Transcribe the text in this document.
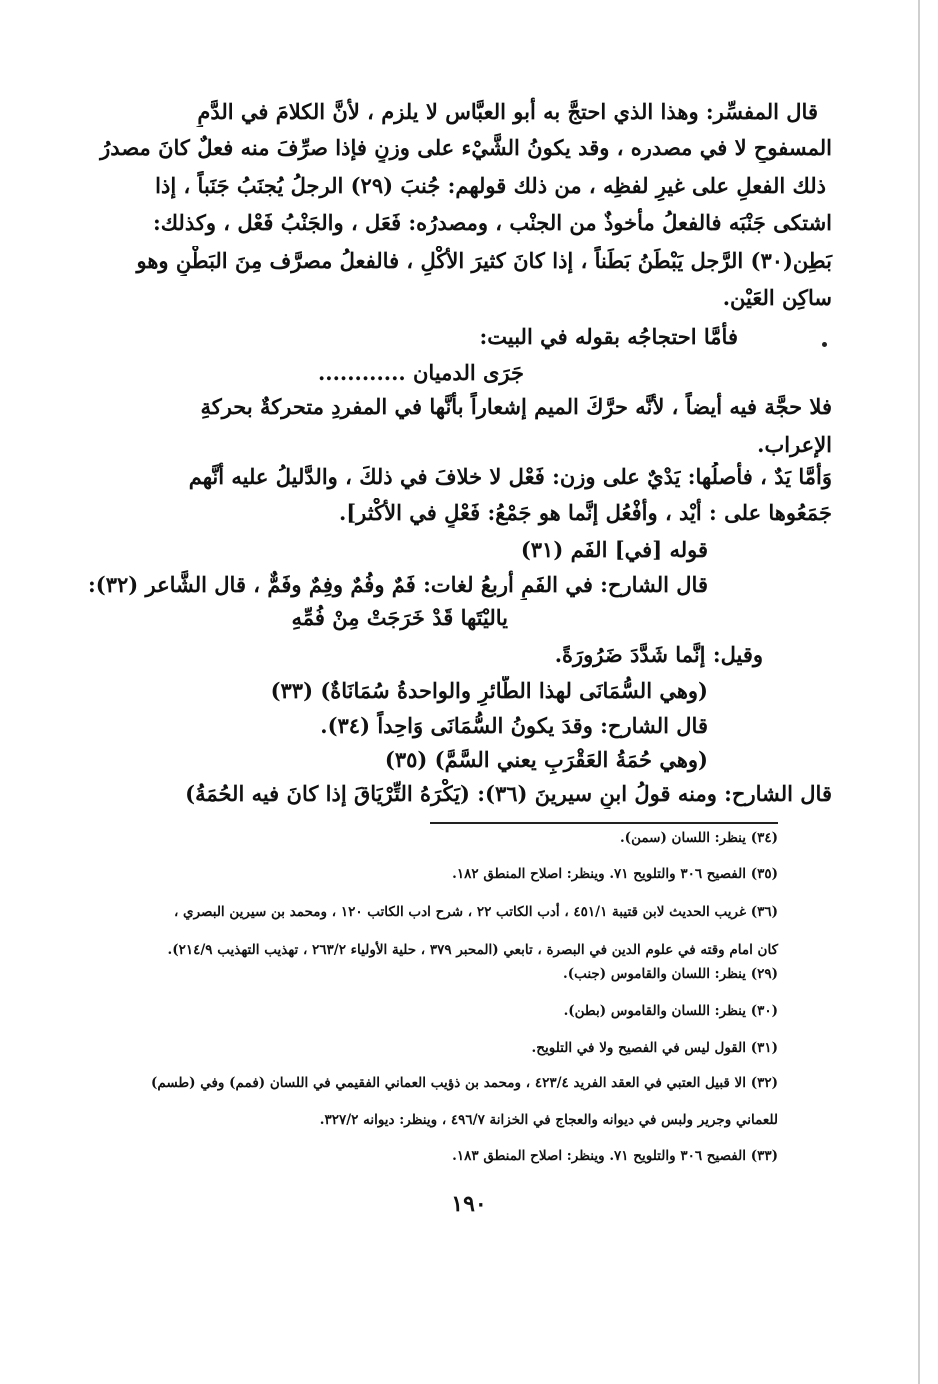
قال المفسِّر: وهذا الذي احتجَّ به أبو العبَّاس لا يلزم ، لأنَّ الكلامَ في الدَّمِ
المسفوحِ لا في مصدره ، وقد يكونُ الشَّيْء على وزنٍ فإذا صرِّفَ منه فعلٌ كانَ مصدرُ
ذلك الفعلِ على غيرِ لفظِه ، من ذلك قولهم: جُنبَ (٢٩) الرجلُ يُجنَبُ جَنَباً ، إذا
اشتكى جَنْبَه فالفعلُ مأخوذٌ من الجنْب ، ومصدرُه: فَعَل ، والجَنْبُ فَعْل ، وكذلك:
بَطِن(٣٠) الرَّجل يَبْطَنُ بَطَناً ، إذا كانَ كثيرَ الأكْلِ ، فالفعلُ مصرَّف مِنَ البَطْنِ وهو
ساكِن العَيْن.
فأمَّا احتجاجُه بقوله في البيت:
جَرَى الدميان ............
فلا حجَّة فيه أيضاً ، لأنَّه حرَّكَ الميم إشعاراً بأنَّها في المفردِ متحركةٌ بحركةِ
الإعراب.
وَأمَّا يَدٌ ، فأصلُها: يَدْيٌ على وزن: فَعْل لا خلافَ في ذلكَ ، والدَّليلُ عليه أنَّهم
جَمَعُوها على : أيْد ، وأفْعُل إنَّما هو جَمْعُ: فَعْلٍ في الأكْثر].
قوله [في] الفَم (٣١)
قال الشارح: في الفَمِ أربعُ لغات: فَمٌ وفُمٌ وفِمٌ وفَمٌّ ، قال الشَّاعر (٣٢):
ياليْتَها قَدْ خَرَجَتْ مِنْ فُمِّهِ
وقيل: إنَّما شَدَّدَ ضَرُورَةً.
(وهي السُّمَانَى لهذا الطَّائرِ والواحدةُ سُمَانَاةٌ) (٣٣)
قال الشارح: وقدَ يكونُ السُّمَانَى وَاحِداً (٣٤).
(وهي حُمَةُ العَقْرَبِ يعني السَّمَّ) (٣٥)
قال الشارح: ومنه قولُ ابنِ سيرينَ (٣٦): (يَكْرَهُ التِّرْيَاقَ إذا كانَ فيه الحُمَةُ)
(٣٤) ينظر: اللسان (سمن).
(٣٥) الفصيح ٣٠٦ والتلويح ٧١. وينظر: اصلاح المنطق ١٨٢.
(٣٦) غريب الحديث لابن قتيبة ٤٥١/١ ، أدب الكاتب ٢٢ ، شرح ادب الكاتب ١٢٠ ، ومحمد بن سيرين البصري ،
كان امام وقته في علوم الدين في البصرة ، تابعي (المحبر ٣٧٩ ، حلية الأولياء ٢٦٣/٢ ، تهذيب التهذيب ٢١٤/٩).
(٢٩) ينظر: اللسان والقاموس (جنب).
(٣٠) ينظر: اللسان والقاموس (بطن).
(٣١) القول ليس في الفصيح ولا في التلويح.
(٣٢) الا قبيل العتبي في العقد الفريد ٤٢٣/٤ ، ومحمد بن ذؤيب العماني الفقيمي في اللسان (فمم) وفي (طسم)
للعماني وجرير ولبس في ديوانه والعجاج في الخزانة ٤٩٦/٧ ، وينظر: ديوانه ٣٢٧/٢.
(٣٣) الفصيح ٣٠٦ والتلويح ٧١. وينظر: اصلاح المنطق ١٨٣.
١٩٠
